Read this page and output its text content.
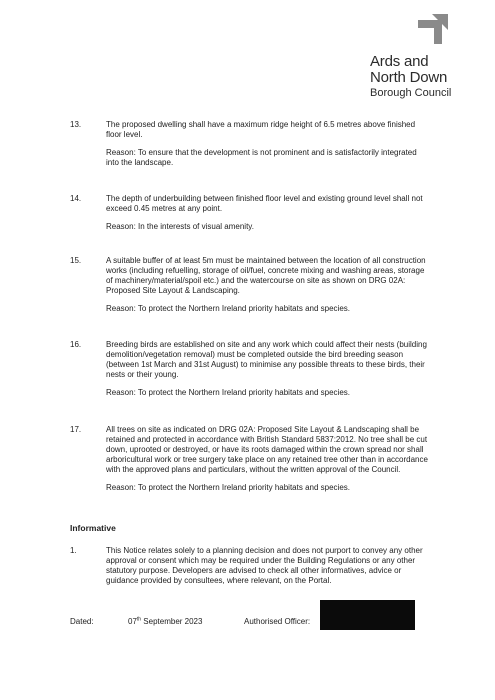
Ards and
North Down
Borough Council
13.	The proposed dwelling shall have a maximum ridge height of 6.5 metres above finished floor level.

Reason: To ensure that the development is not prominent and is satisfactorily integrated into the landscape.

14.	The depth of underbuilding between finished floor level and existing ground level shall not exceed 0.45 metres at any point.

Reason: In the interests of visual amenity.

15.	A suitable buffer of at least 5m must be maintained between the location of all construction works (including refuelling, storage of oil/fuel, concrete mixing and washing areas, storage of machinery/material/spoil etc.) and the watercourse on site as shown on DRG 02A: Proposed Site Layout & Landscaping.

Reason: To protect the Northern Ireland priority habitats and species.

16.	Breeding birds are established on site and any work which could affect their nests (building demolition/vegetation removal) must be completed outside the bird breeding season (between 1st March and 31st August) to minimise any possible threats to these birds, their nests or their young.

Reason: To protect the Northern Ireland priority habitats and species.

17.	All trees on site as indicated on DRG 02A: Proposed Site Layout & Landscaping shall be retained and protected in accordance with British Standard 5837:2012. No tree shall be cut down, uprooted or destroyed, or have its roots damaged within the crown spread nor shall arboricultural work or tree surgery take place on any retained tree other than in accordance with the approved plans and particulars, without the written approval of the Council.

Reason: To protect the Northern Ireland priority habitats and species.

Informative
1.	This Notice relates solely to a planning decision and does not purport to convey any other approval or consent which may be required under the Building Regulations or any other statutory purpose. Developers are advised to check all other informatives, advice or guidance provided by consultees, where relevant, on the Portal.

Dated:	07th September 2023	Authorised Officer:
